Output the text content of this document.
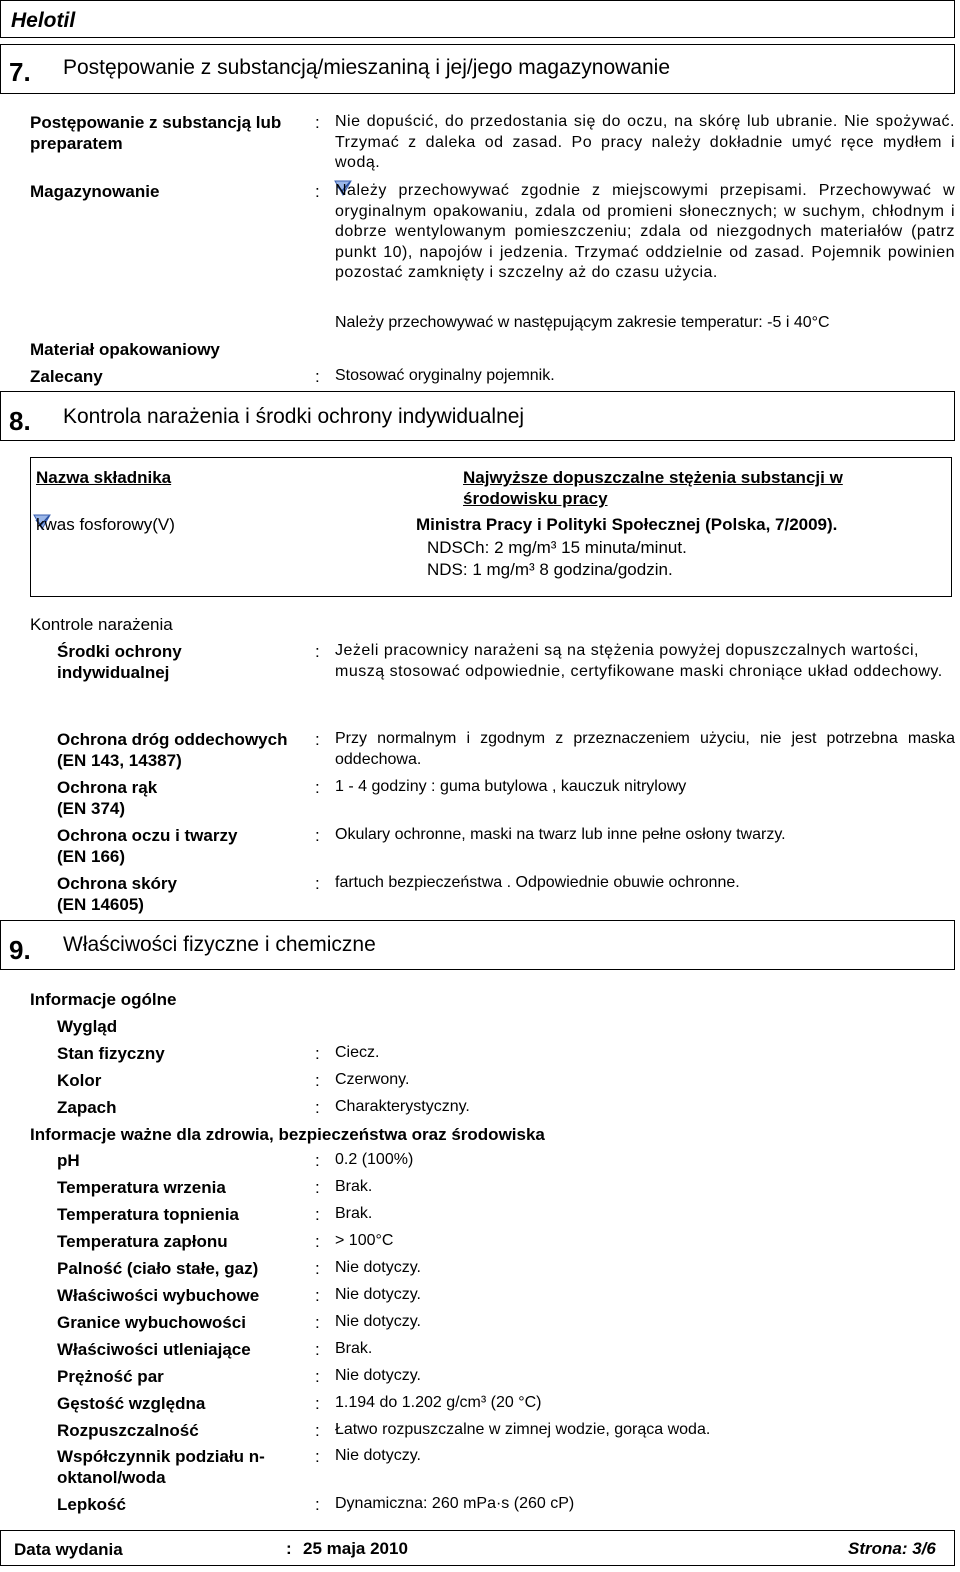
Helotil
7. Postępowanie z substancją/mieszaniną i jej/jego magazynowanie
Postępowanie z substancją lub
preparatem
: Nie dopuścić, do przedostania się do oczu, na skórę lub ubranie. Nie spożywać. Trzymać z daleka od zasad. Po pracy należy dokładnie umyć ręce mydłem i wodą.
Magazynowanie	: Należy przechowywać zgodnie z miejscowymi przepisami. Przechowywać w oryginalnym opakowaniu, zdala od promieni słonecznych; w suchym, chłodnym i dobrze wentylowanym pomieszczeniu; zdala od niezgodnych materiałów (patrz punkt 10), napojów i jedzenia. Trzymać oddzielnie od zasad. Pojemnik powinien pozostać zamknięty i szczelny aż do czasu użycia.
Należy przechowywać w następującym zakresie temperatur: -5 i 40°C
Materiał opakowaniowy
Zalecany	: Stosować oryginalny pojemnik.
8. Kontrola narażenia i środki ochrony indywidualnej
Nazwa składnika	Najwyższe dopuszczalne stężenia substancji w
środowisku pracy
kwas fosforowy(V)	Ministra Pracy i Polityki Społecznej (Polska, 7/2009).
NDSCh: 2 mg/m³ 15 minuta/minut.
NDS: 1 mg/m³ 8 godzina/godzin.
Kontrole narażenia
Środki ochrony
indywidualnej
: Jeżeli pracownicy narażeni są na stężenia powyżej dopuszczalnych wartości,
muszą stosować odpowiednie, certyfikowane maski chroniące układ oddechowy.
Ochrona dróg oddechowych
(EN 143, 14387)
: Przy normalnym i zgodnym z przeznaczeniem użyciu, nie jest potrzebna maska oddechowa.
Ochrona rąk
(EN 374)
: 1 - 4 godziny : guma butylowa , kauczuk nitrylowy
Ochrona oczu i twarzy
(EN 166)
: Okulary ochronne, maski na twarz lub inne pełne osłony twarzy.
Ochrona skóry
(EN 14605)
: fartuch bezpieczeństwa . Odpowiednie obuwie ochronne.
9. Właściwości fizyczne i chemiczne
Informacje ogólne
Wygląd
Stan fizyczny	: Ciecz.
Kolor	: Czerwony.
Zapach	: Charakterystyczny.
Informacje ważne dla zdrowia, bezpieczeństwa oraz środowiska
pH	: 0.2 (100%)
Temperatura wrzenia	: Brak.
Temperatura topnienia	: Brak.
Temperatura zapłonu	: > 100°C
Palność (ciało stałe, gaz)	: Nie dotyczy.
Właściwości wybuchowe	: Nie dotyczy.
Granice wybuchowości	: Nie dotyczy.
Właściwości utleniające	: Brak.
Prężność par	: Nie dotyczy.
Gęstość względna	: 1.194 do 1.202 g/cm³ (20 °C)
Rozpuszczalność	: Łatwo rozpuszczalne w zimnej wodzie, gorąca woda.
Współczynnik podziału n-oktanol/woda
: Nie dotyczy.
Lepkość	: Dynamiczna: 260 mPa·s (260 cP)
Data wydania	: 25 maja 2010	Strona: 3/6
